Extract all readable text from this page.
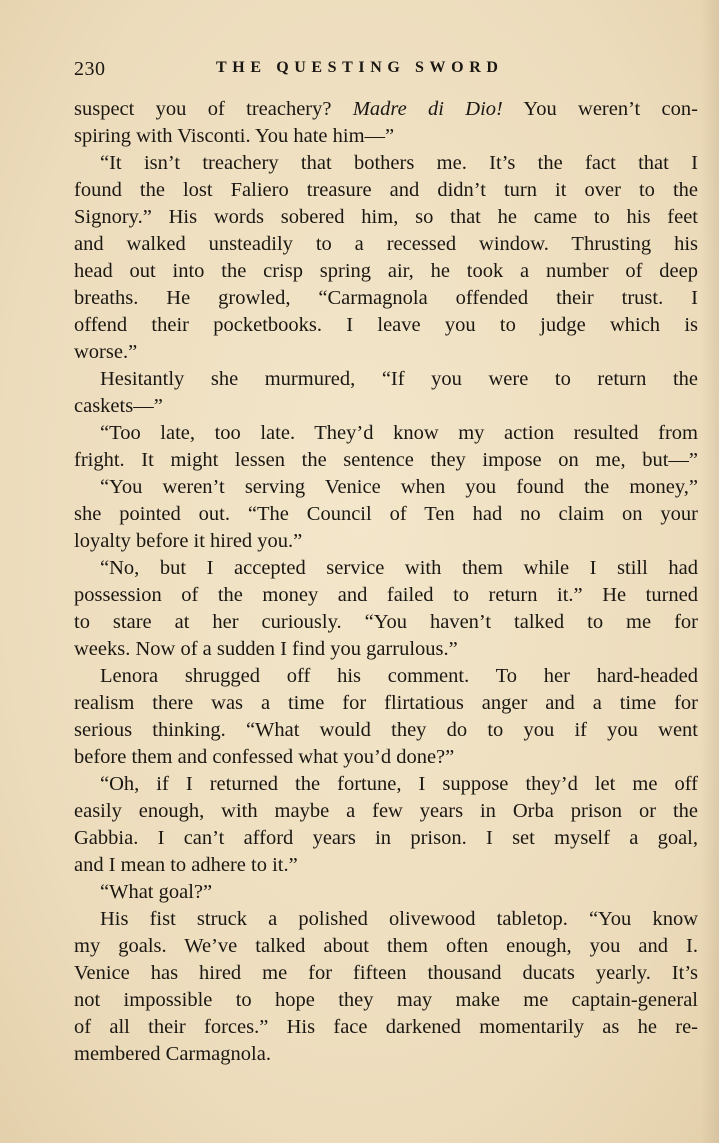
230	THE QUESTING SWORD
suspect you of treachery? Madre di Dio! You weren’t con-
spiring with Visconti. You hate him—”
“It isn’t treachery that bothers me. It’s the fact that I
found the lost Faliero treasure and didn’t turn it over to the
Signory.” His words sobered him, so that he came to his feet
and walked unsteadily to a recessed window. Thrusting his
head out into the crisp spring air, he took a number of deep
breaths. He growled, “Carmagnola offended their trust. I
offend their pocketbooks. I leave you to judge which is
worse.”
Hesitantly she murmured, “If you were to return the
caskets—”
“Too late, too late. They’d know my action resulted from
fright. It might lessen the sentence they impose on me, but—”
“You weren’t serving Venice when you found the money,”
she pointed out. “The Council of Ten had no claim on your
loyalty before it hired you.”
“No, but I accepted service with them while I still had
possession of the money and failed to return it.” He turned
to stare at her curiously. “You haven’t talked to me for
weeks. Now of a sudden I find you garrulous.”
Lenora shrugged off his comment. To her hard-headed
realism there was a time for flirtatious anger and a time for
serious thinking. “What would they do to you if you went
before them and confessed what you’d done?”
“Oh, if I returned the fortune, I suppose they’d let me off
easily enough, with maybe a few years in Orba prison or the
Gabbia. I can’t afford years in prison. I set myself a goal,
and I mean to adhere to it.”
“What goal?”
His fist struck a polished olivewood tabletop. “You know
my goals. We’ve talked about them often enough, you and I.
Venice has hired me for fifteen thousand ducats yearly. It’s
not impossible to hope they may make me captain-general
of all their forces.” His face darkened momentarily as he re-
membered Carmagnola.
